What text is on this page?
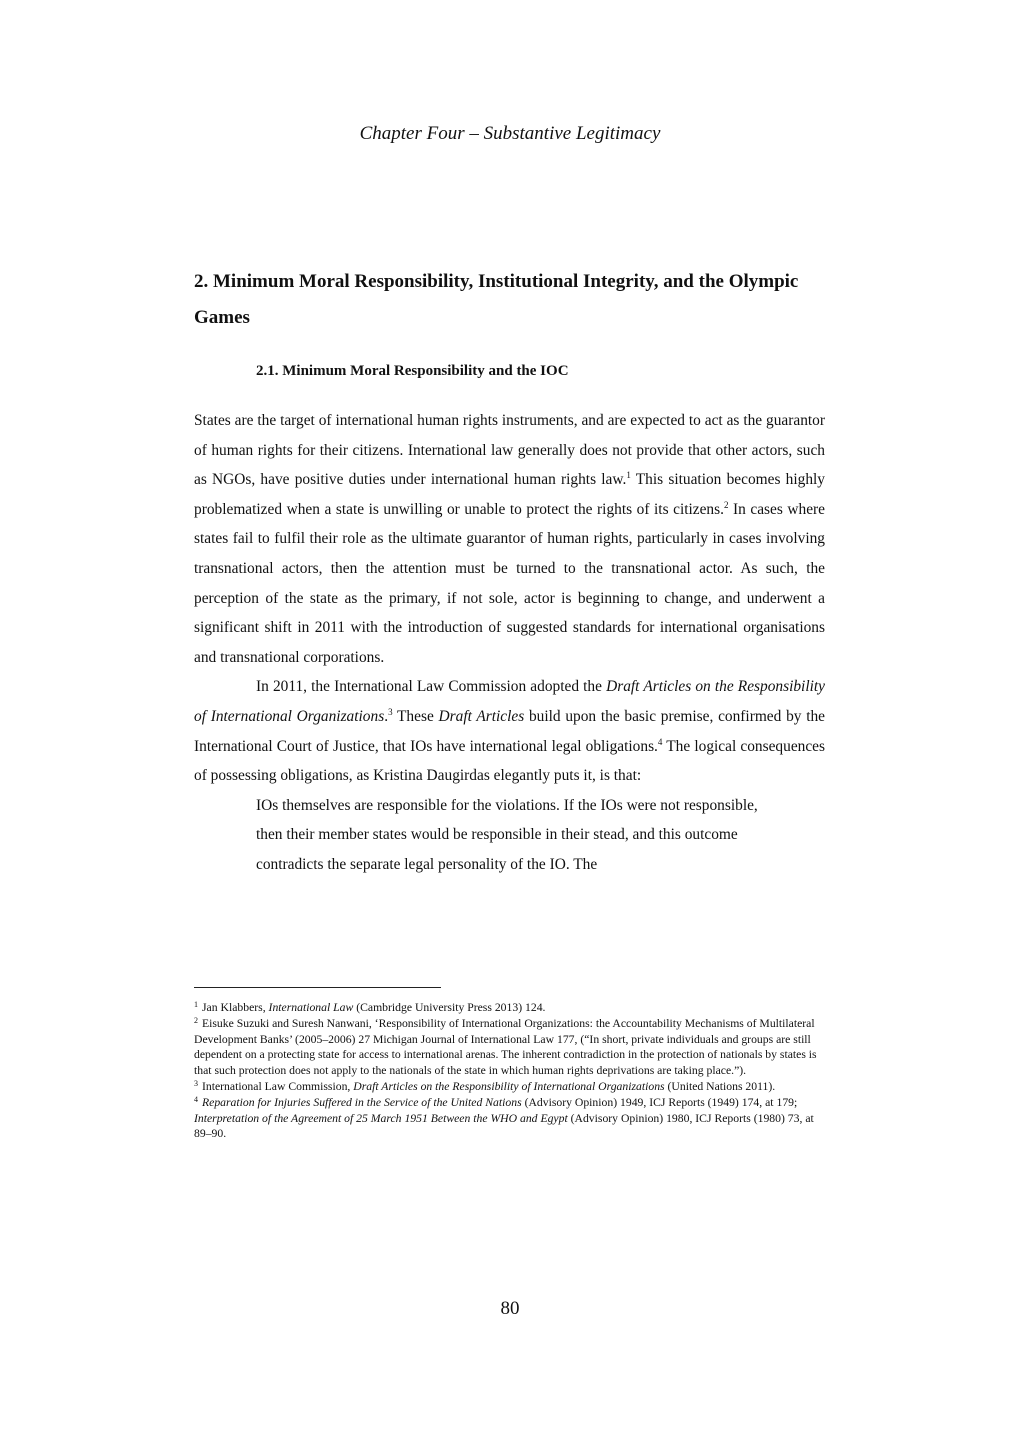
Chapter Four – Substantive Legitimacy
2. Minimum Moral Responsibility, Institutional Integrity, and the Olympic Games
2.1. Minimum Moral Responsibility and the IOC

States are the target of international human rights instruments, and are expected to act as the guarantor of human rights for their citizens. International law generally does not provide that other actors, such as NGOs, have positive duties under international human rights law.$^1$ This situation becomes highly problematized when a state is unwilling or unable to protect the rights of its citizens.$^2$ In cases where states fail to fulfil their role as the ultimate guarantor of human rights, particularly in cases involving transnational actors, then the attention must be turned to the transnational actor. As such, the perception of the state as the primary, if not sole, actor is beginning to change, and underwent a significant shift in 2011 with the introduction of suggested standards for international organisations and transnational corporations.

In 2011, the International Law Commission adopted the Draft Articles on the Responsibility of International Organizations.$^3$ These Draft Articles build upon the basic premise, confirmed by the International Court of Justice, that IOs have international legal obligations.$^4$ The logical consequences of possessing obligations, as Kristina Daugirdas elegantly puts it, is that:

IOs themselves are responsible for the violations. If the IOs were not responsible, then their member states would be responsible in their stead, and this outcome contradicts the separate legal personality of the IO. The

$^1$ Jan Klabbers, International Law (Cambridge University Press 2013) 124.

$^2$ Eisuke Suzuki and Suresh Nanwani, ‘Responsibility of International Organizations: the Accountability Mechanisms of Multilateral Development Banks’ (2005–2006) 27 Michigan Journal of International Law 177, (“In short, private individuals and groups are still dependent on a protecting state for access to international arenas. The inherent contradiction in the protection of nationals by states is that such protection does not apply to the nationals of the state in which human rights deprivations are taking place.”).

$^3$ International Law Commission, Draft Articles on the Responsibility of International Organizations (United Nations 2011).

$^4$ Reparation for Injuries Suffered in the Service of the United Nations (Advisory Opinion) 1949, ICJ Reports (1949) 174, at 179; Interpretation of the Agreement of 25 March 1951 Between the WHO and Egypt (Advisory Opinion) 1980, ICJ Reports (1980) 73, at 89–90.

80
